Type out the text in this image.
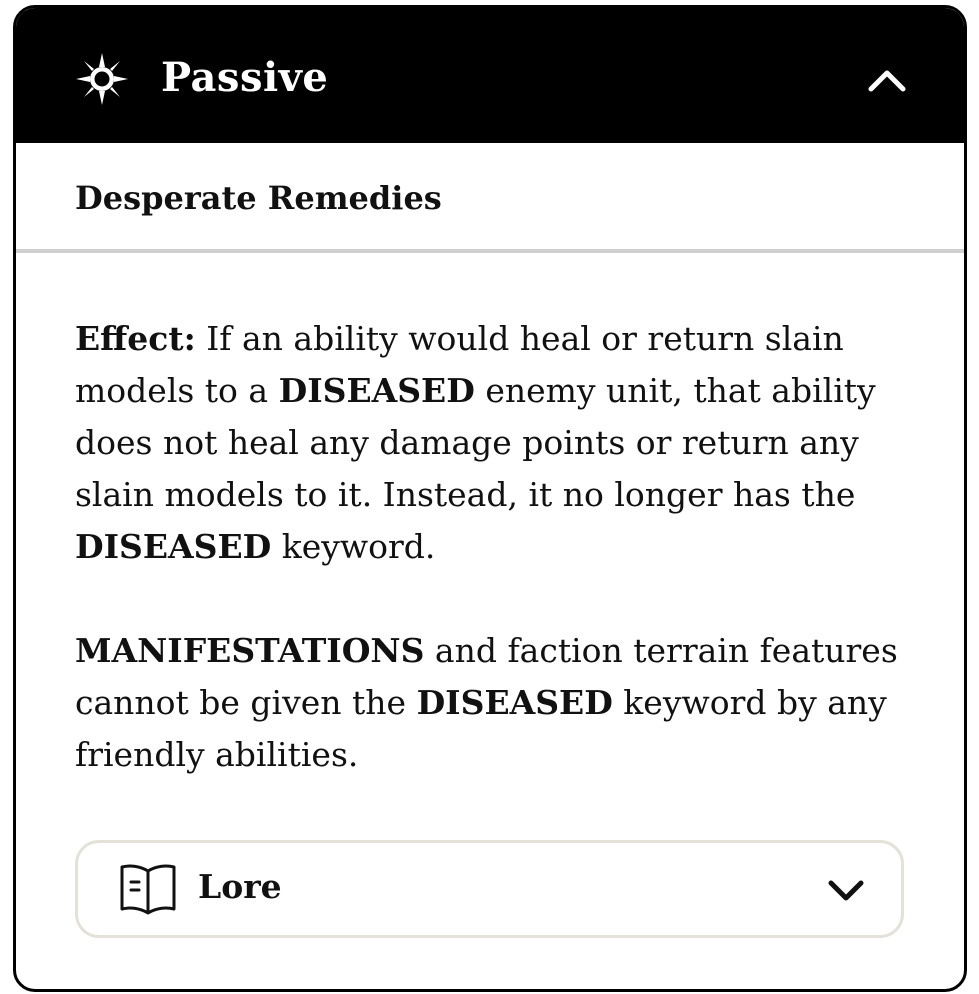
Passive
Desperate Remedies

Effect: If an ability would heal or return slain models to a DISEASED enemy unit, that ability does not heal any damage points or return any slain models to it. Instead, it no longer has the DISEASED keyword.

MANIFESTATIONS and faction terrain features cannot be given the DISEASED keyword by any friendly abilities.

Lore
